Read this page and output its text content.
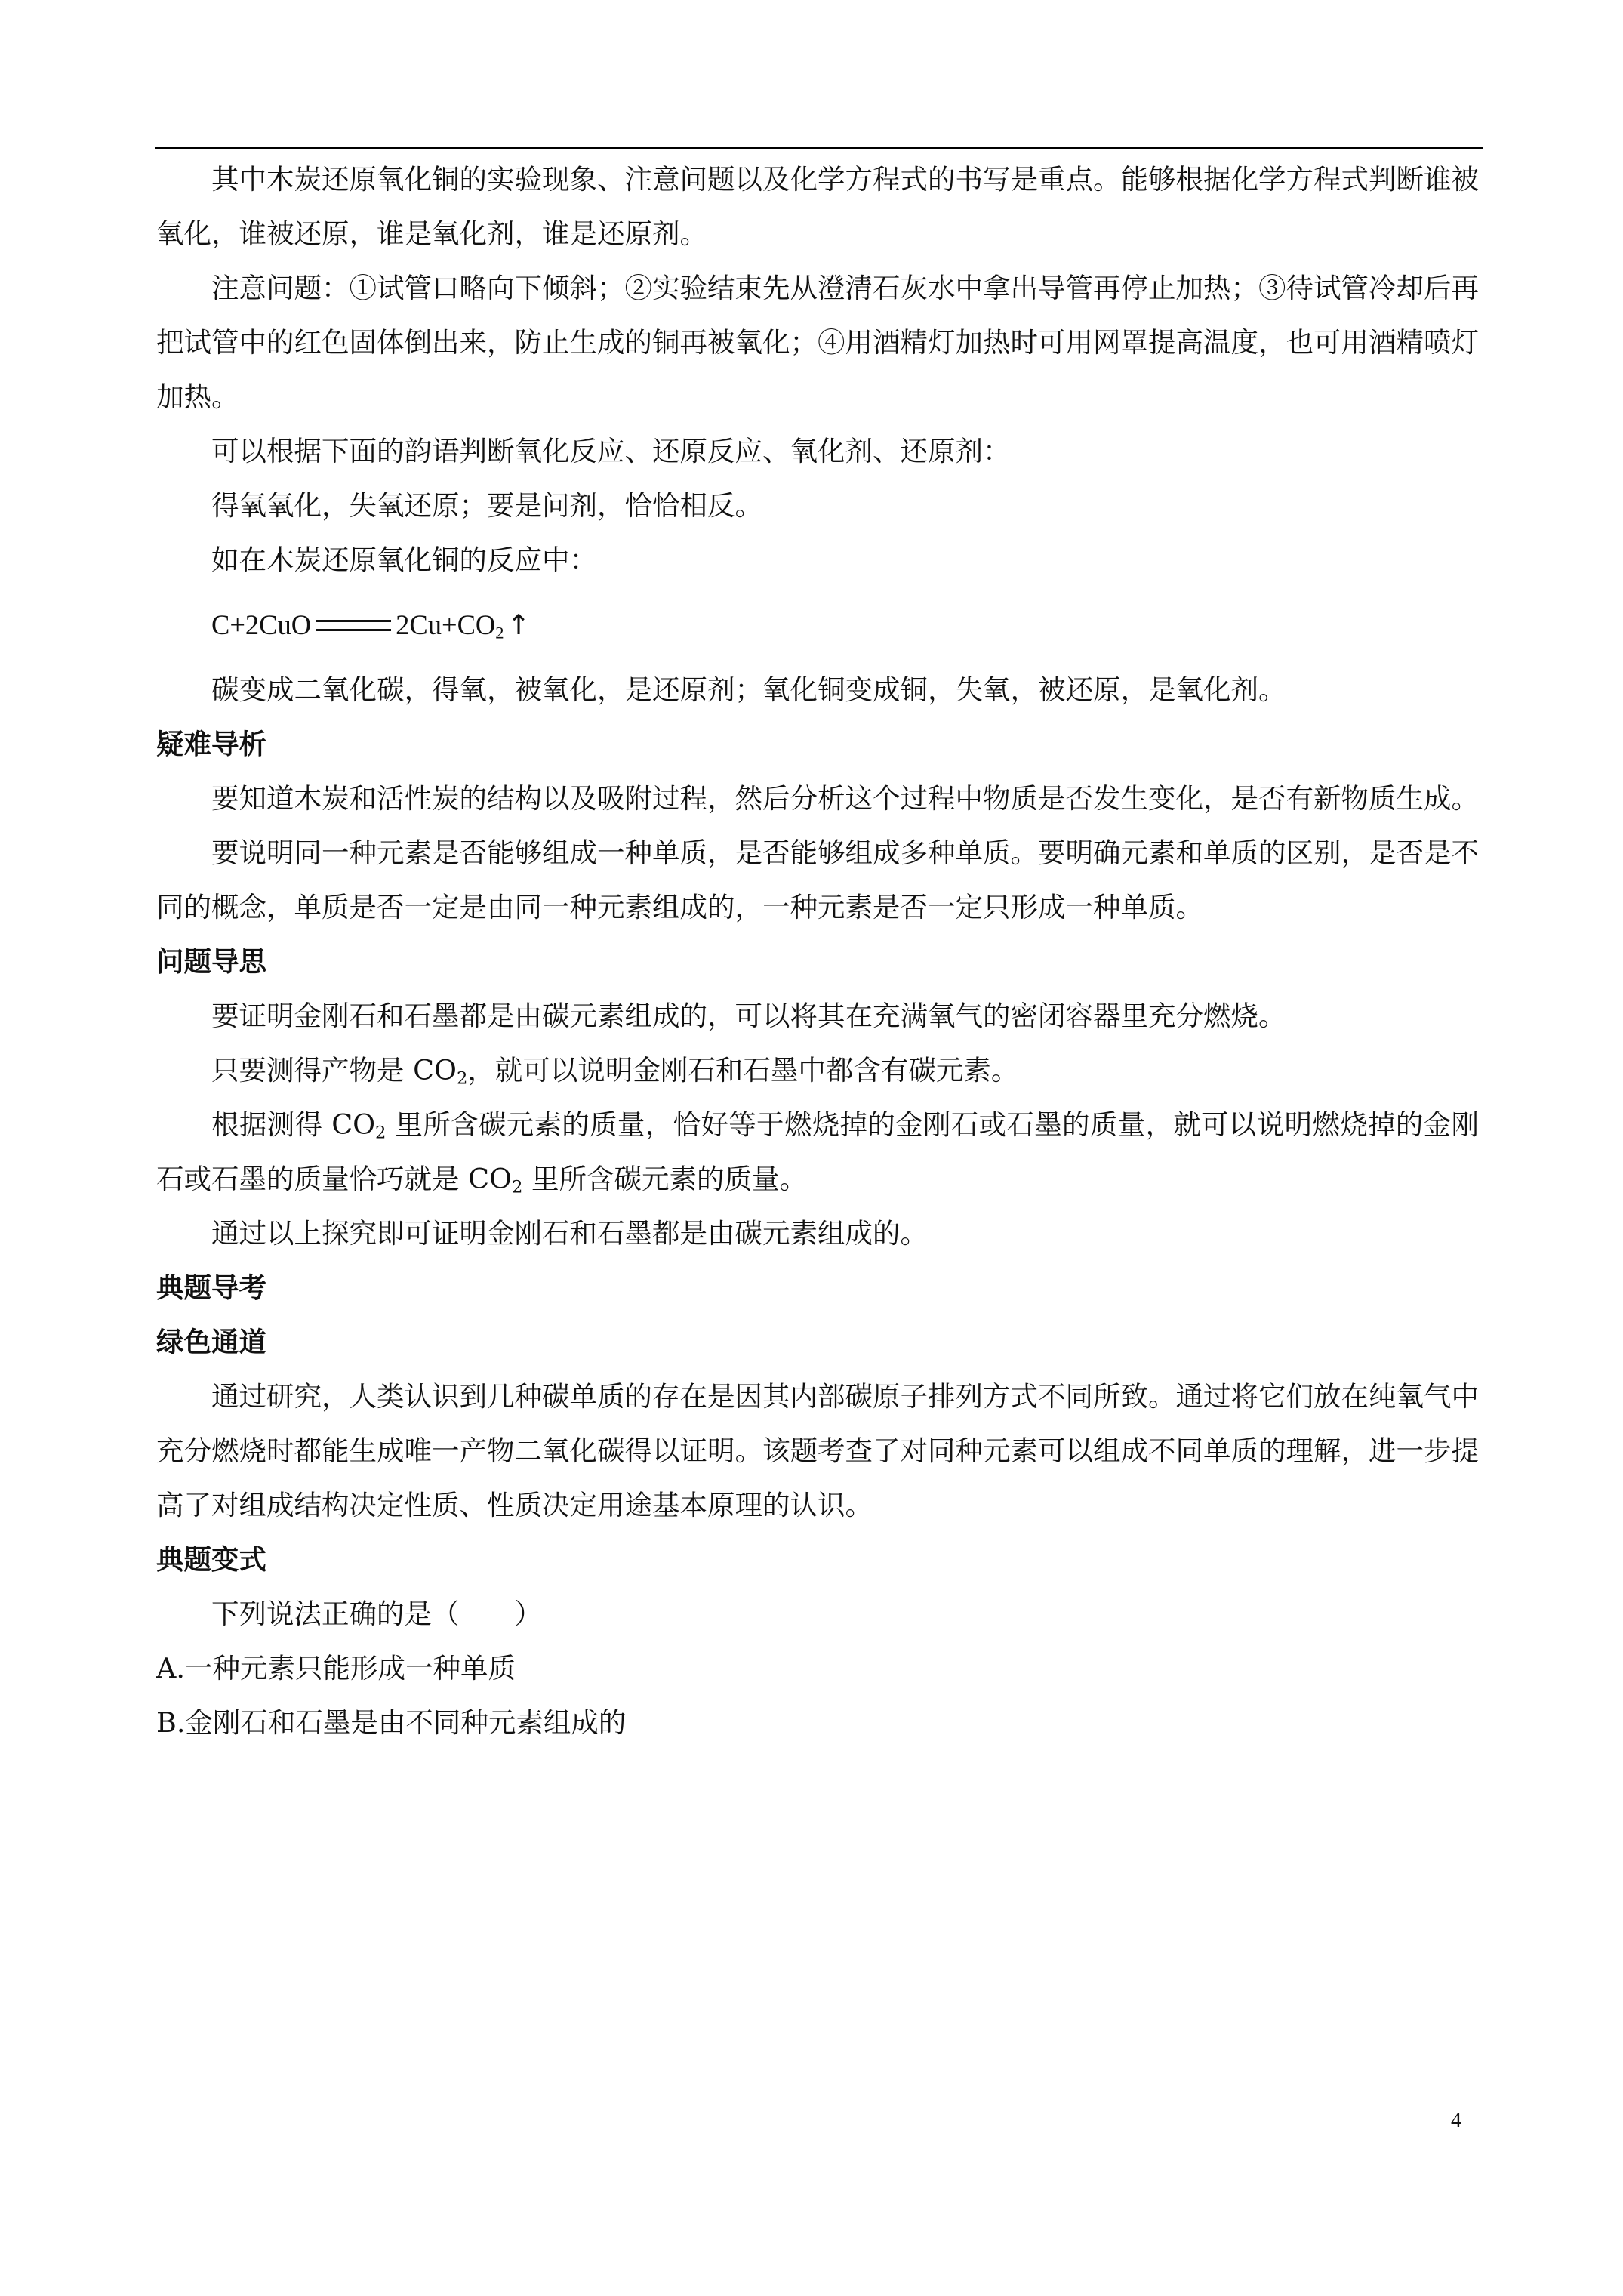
其中木炭还原氧化铜的实验现象、注意问题以及化学方程式的书写是重点。能够根据化学方程式判断谁被氧化，谁被还原，谁是氧化剂，谁是还原剂。

注意问题：①试管口略向下倾斜；②实验结束先从澄清石灰水中拿出导管再停止加热；③待试管冷却后再把试管中的红色固体倒出来，防止生成的铜再被氧化；④用酒精灯加热时可用网罩提高温度，也可用酒精喷灯加热。

可以根据下面的韵语判断氧化反应、还原反应、氧化剂、还原剂：

得氧氧化，失氧还原；要是问剂，恰恰相反。

如在木炭还原氧化铜的反应中：

C+2CuO	$2Cu+CO_2$ ↑

碳变成二氧化碳，得氧，被氧化，是还原剂；氧化铜变成铜，失氧，被还原，是氧化剂。

疑难导析

要知道木炭和活性炭的结构以及吸附过程，然后分析这个过程中物质是否发生变化，是否有新物质生成。

要说明同一种元素是否能够组成一种单质，是否能够组成多种单质。要明确元素和单质的区别，是否是不同的概念，单质是否一定是由同一种元素组成的，一种元素是否一定只形成一种单质。

问题导思

要证明金刚石和石墨都是由碳元素组成的，可以将其在充满氧气的密闭容器里充分燃烧。

只要测得产物是 $CO_2$，就可以说明金刚石和石墨中都含有碳元素。

根据测得 $CO_2$ 里所含碳元素的质量，恰好等于燃烧掉的金刚石或石墨的质量，就可以说明燃烧掉的金刚石或石墨的质量恰巧就是 $CO_2$ 里所含碳元素的质量。

通过以上探究即可证明金刚石和石墨都是由碳元素组成的。

典题导考

绿色通道

通过研究，人类认识到几种碳单质的存在是因其内部碳原子排列方式不同所致。通过将它们放在纯氧气中充分燃烧时都能生成唯一产物二氧化碳得以证明。该题考查了对同种元素可以组成不同单质的理解，进一步提高了对组成结构决定性质、性质决定用途基本原理的认识。

典题变式

下列说法正确的是（　　）

A.一种元素只能形成一种单质

B.金刚石和石墨是由不同种元素组成的

4
